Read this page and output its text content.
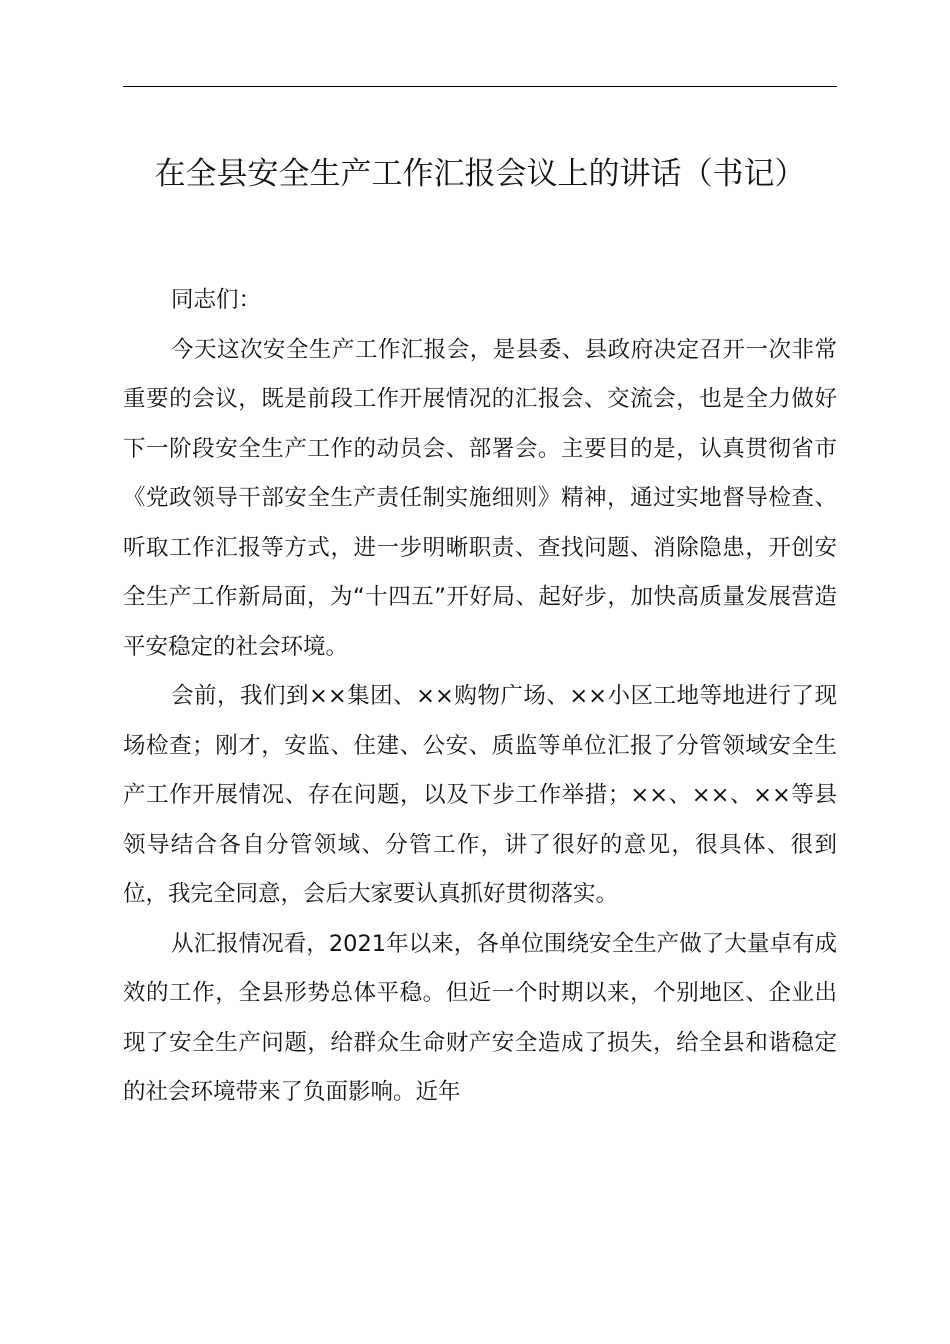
在全县安全生产工作汇报会议上的讲话（书记）

同志们：

今天这次安全生产工作汇报会，是县委、县政府决定召开一次非常重要的会议，既是前段工作开展情况的汇报会、交流会，也是全力做好下一阶段安全生产工作的动员会、部署会。主要目的是，认真贯彻省市《党政领导干部安全生产责任制实施细则》精神，通过实地督导检查、听取工作汇报等方式，进一步明晰职责、查找问题、消除隐患，开创安全生产工作新局面，为“十四五”开好局、起好步，加快高质量发展营造平安稳定的社会环境。

会前，我们到××集团、××购物广场、××小区工地等地进行了现场检查；刚才，安监、住建、公安、质监等单位汇报了分管领域安全生产工作开展情况、存在问题，以及下步工作举措；××、××、××等县领导结合各自分管领域、分管工作，讲了很好的意见，很具体、很到位，我完全同意，会后大家要认真抓好贯彻落实。

从汇报情况看，2021年以来，各单位围绕安全生产做了大量卓有成效的工作，全县形势总体平稳。但近一个时期以来，个别地区、企业出现了安全生产问题，给群众生命财产安全造成了损失，给全县和谐稳定的社会环境带来了负面影响。近年
